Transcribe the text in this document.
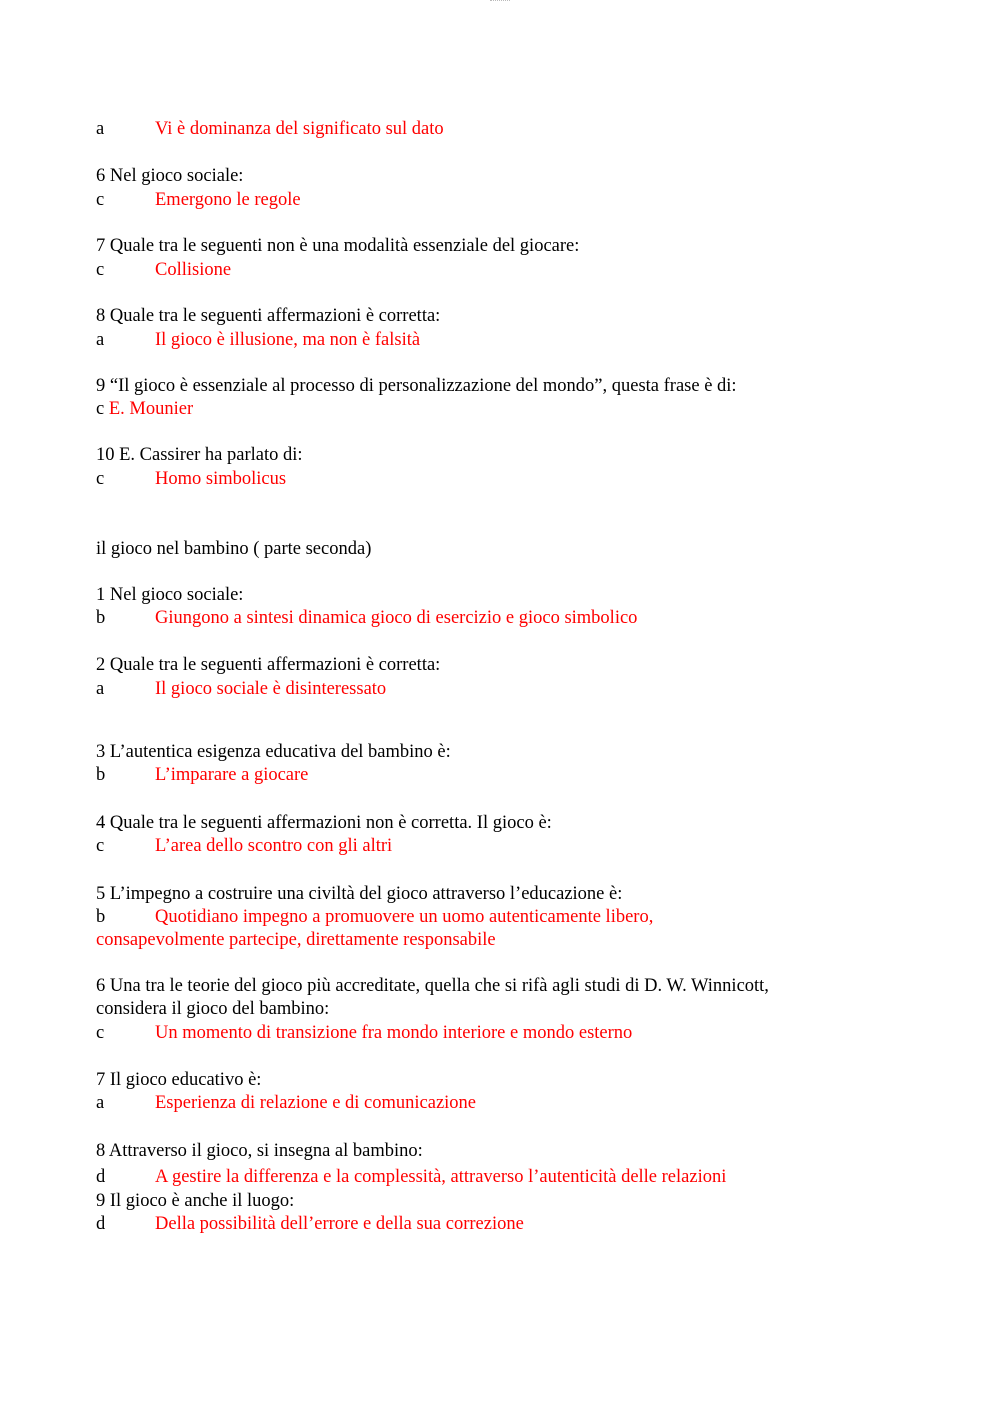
a	Vi è dominanza del significato sul dato
6 Nel gioco sociale:
c	Emergono le regole
7 Quale tra le seguenti non è una modalità essenziale del giocare:
c	Collisione
8 Quale tra le seguenti affermazioni è corretta:
a	Il gioco è illusione, ma non è falsità
9 “Il gioco è essenziale al processo di personalizzazione del mondo”, questa frase è di:
c E. Mounier
10 E. Cassirer ha parlato di:
c	Homo simbolicus
il gioco nel bambino ( parte seconda)
1 Nel gioco sociale:
b	Giungono a sintesi dinamica gioco di esercizio e gioco simbolico
2 Quale tra le seguenti affermazioni è corretta:
a	Il gioco sociale è disinteressato
3 L’autentica esigenza educativa del bambino è:
b	L’imparare a giocare
4 Quale tra le seguenti affermazioni non è corretta. Il gioco è:
c	L’area dello scontro con gli altri
5 L’impegno a costruire una civiltà del gioco attraverso l’educazione è:
b	Quotidiano impegno a promuovere un uomo autenticamente libero,
consapevolmente partecipe, direttamente responsabile
6 Una tra le teorie del gioco più accreditate, quella che si rifà agli studi di D. W. Winnicott,
considera il gioco del bambino:
c	Un momento di transizione fra mondo interiore e mondo esterno
7 Il gioco educativo è:
a	Esperienza di relazione e di comunicazione
8 Attraverso il gioco, si insegna al bambino:
d	A gestire la differenza e la complessità, attraverso l’autenticità delle relazioni
9 Il gioco è anche il luogo:
d	Della possibilità dell’errore e della sua correzione
